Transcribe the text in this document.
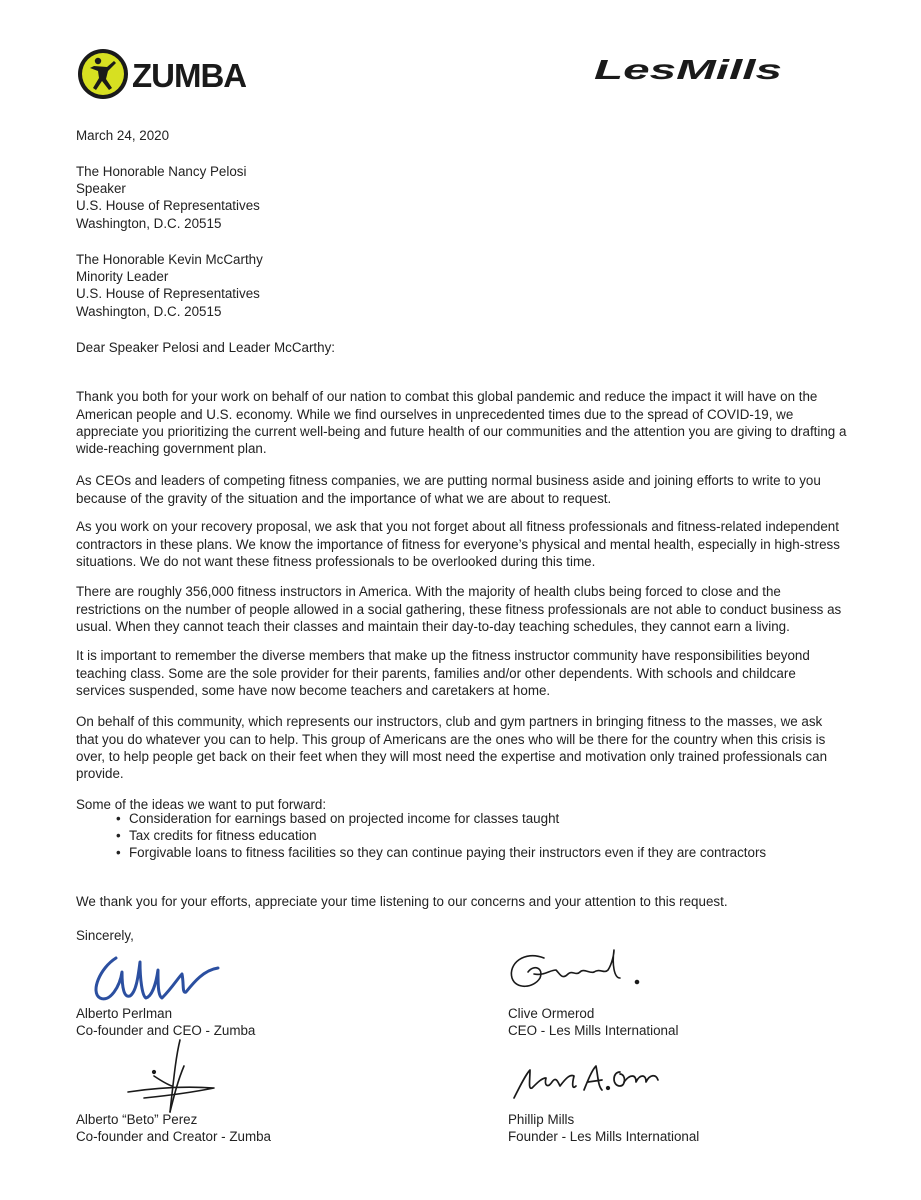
ZUMBA	LesMills
March 24, 2020
The Honorable Nancy Pelosi
Speaker
U.S. House of Representatives
Washington, D.C. 20515
The Honorable Kevin McCarthy
Minority Leader
U.S. House of Representatives
Washington, D.C. 20515
Dear Speaker Pelosi and Leader McCarthy:

Thank you both for your work on behalf of our nation to combat this global pandemic and reduce the impact it will have on the American people and U.S. economy. While we find ourselves in unprecedented times due to the spread of COVID-19, we appreciate you prioritizing the current well-being and future health of our communities and the attention you are giving to drafting a wide-reaching government plan.

As CEOs and leaders of competing fitness companies, we are putting normal business aside and joining efforts to write to you because of the gravity of the situation and the importance of what we are about to request.

As you work on your recovery proposal, we ask that you not forget about all fitness professionals and fitness-related independent contractors in these plans. We know the importance of fitness for everyone’s physical and mental health, especially in high-stress situations. We do not want these fitness professionals to be overlooked during this time.

There are roughly 356,000 fitness instructors in America. With the majority of health clubs being forced to close and the restrictions on the number of people allowed in a social gathering, these fitness professionals are not able to conduct business as usual. When they cannot teach their classes and maintain their day-to-day teaching schedules, they cannot earn a living.

It is important to remember the diverse members that make up the fitness instructor community have responsibilities beyond teaching class. Some are the sole provider for their parents, families and/or other dependents. With schools and childcare services suspended, some have now become teachers and caretakers at home.

On behalf of this community, which represents our instructors, club and gym partners in bringing fitness to the masses, we ask that you do whatever you can to help. This group of Americans are the ones who will be there for the country when this crisis is over, to help people get back on their feet when they will most need the expertise and motivation only trained professionals can provide.

Some of the ideas we want to put forward:

• Consideration for earnings based on projected income for classes taught
• Tax credits for fitness education
• Forgivable loans to fitness facilities so they can continue paying their instructors even if they are contractors

We thank you for your efforts, appreciate your time listening to our concerns and your attention to this request.

Sincerely,
Alberto Perlman
Co-founder and CEO - Zumba
Clive Ormerod
CEO - Les Mills International
Alberto “Beto” Perez
Co-founder and Creator - Zumba
Phillip Mills
Founder - Les Mills International
